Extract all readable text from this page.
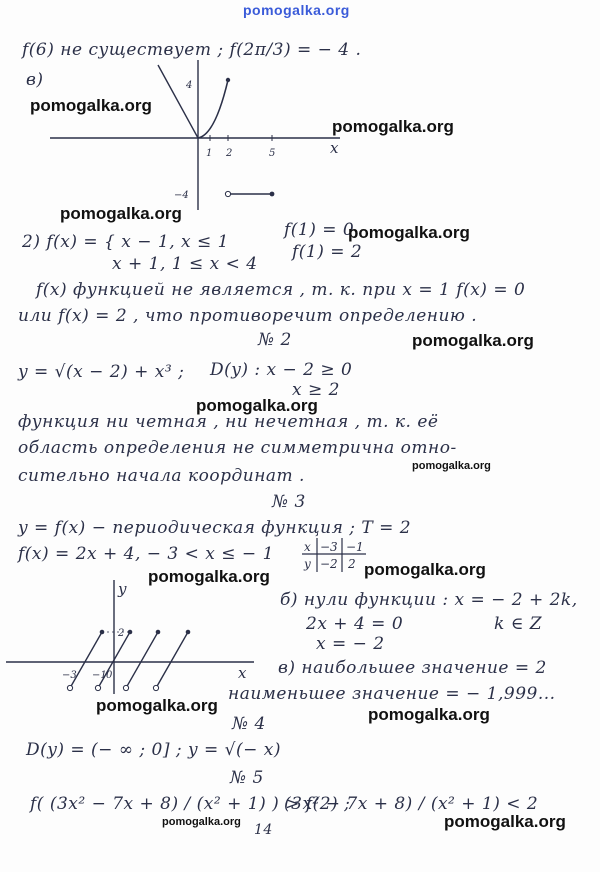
pomogalka.org
f(6) не существует ; f(2π/3) = − 4 .
в)
x
1 2	5
4
−4
pomogalka.org
pomogalka.org
pomogalka.org
2) f(x) = { x − 1, x ≤ 1
x + 1, 1 ≤ x < 4
f(1) = 0
f(1) = 2
pomogalka.org
f(x) функцией не является , т. к. при x = 1 f(x) = 0
или f(x) = 2 , что противоречит определению .
№ 2	pomogalka.org
y = √(x − 2) + x³ ; D(y) : x − 2 ≥ 0
x ≥ 2
pomogalka.org
функция ни четная , ни нечетная , т. к. её
область определения не симметрична отно-
pomogalka.org
сительно начала координат .
№ 3
y = f(x) − периодическая функция ; T = 2
f(x) = 2x + 4, − 3 < x ≤ − 1	x −3 −1
y −2 2
pomogalka.org	pomogalka.org
x
y
−3 −1 0
2
б) нули функции : x = − 2 + 2k,
2x + 4 = 0	k ∈ Z
x = − 2
в) наибольшее значение = 2
наименьшее значение = − 1,999...
pomogalka.org	pomogalka.org
№ 4
D(y) = (− ∞ ; 0] ; y = √(− x)
№ 5
f( (3x² − 7x + 8) / (x² + 1) ) > f(2) ;
(3x² − 7x + 8) / (x² + 1) < 2
pomogalka.org	pomogalka.org
14
